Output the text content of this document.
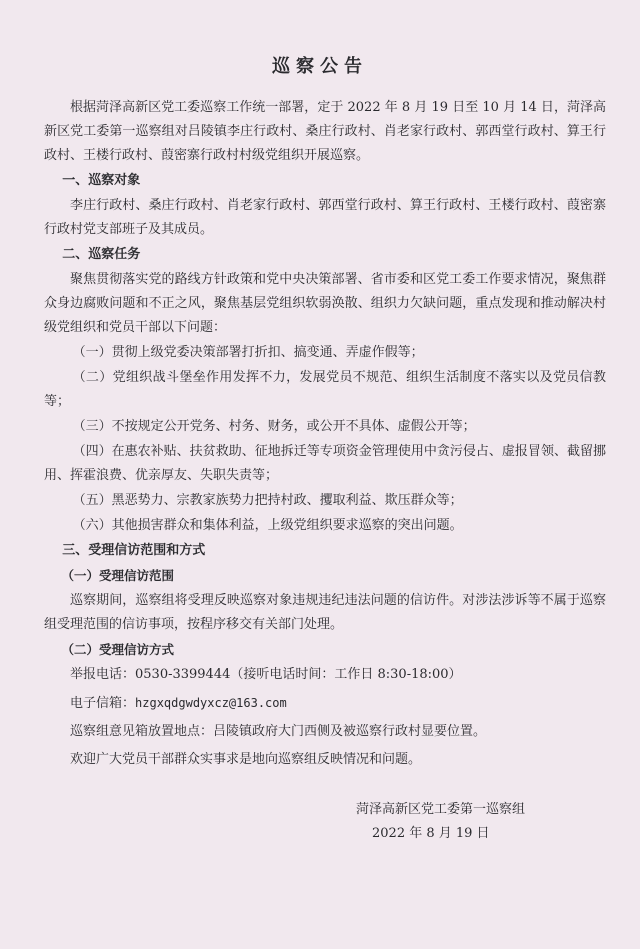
巡察公告

根据菏泽高新区党工委巡察工作统一部署，定于 2022 年 8 月 19 日至 10 月 14 日，菏泽高新区党工委第一巡察组对吕陵镇李庄行政村、桑庄行政村、肖老家行政村、郭西堂行政村、算王行政村、王楼行政村、葭密寨行政村村级党组织开展巡察。

一、巡察对象

李庄行政村、桑庄行政村、肖老家行政村、郭西堂行政村、算王行政村、王楼行政村、葭密寨行政村党支部班子及其成员。

二、巡察任务

聚焦贯彻落实党的路线方针政策和党中央决策部署、省市委和区党工委工作要求情况，聚焦群众身边腐败问题和不正之风，聚焦基层党组织软弱涣散、组织力欠缺问题，重点发现和推动解决村级党组织和党员干部以下问题：

（一）贯彻上级党委决策部署打折扣、搞变通、弄虚作假等；

（二）党组织战斗堡垒作用发挥不力，发展党员不规范、组织生活制度不落实以及党员信教等；

（三）不按规定公开党务、村务、财务，或公开不具体、虚假公开等；

（四）在惠农补贴、扶贫救助、征地拆迁等专项资金管理使用中贪污侵占、虚报冒领、截留挪用、挥霍浪费、优亲厚友、失职失责等；

（五）黑恶势力、宗教家族势力把持村政、攫取利益、欺压群众等；

（六）其他损害群众和集体利益，上级党组织要求巡察的突出问题。

三、受理信访范围和方式

（一）受理信访范围

巡察期间，巡察组将受理反映巡察对象违规违纪违法问题的信访件。对涉法涉诉等不属于巡察组受理范围的信访事项，按程序移交有关部门处理。

（二）受理信访方式

举报电话：0530-3399444（接听电话时间：工作日 8:30-18:00）

电子信箱：hzgxqdgwdyxcz@163.com

巡察组意见箱放置地点：吕陵镇政府大门西侧及被巡察行政村显要位置。

欢迎广大党员干部群众实事求是地向巡察组反映情况和问题。

菏泽高新区党工委第一巡察组
2022 年 8 月 19 日
